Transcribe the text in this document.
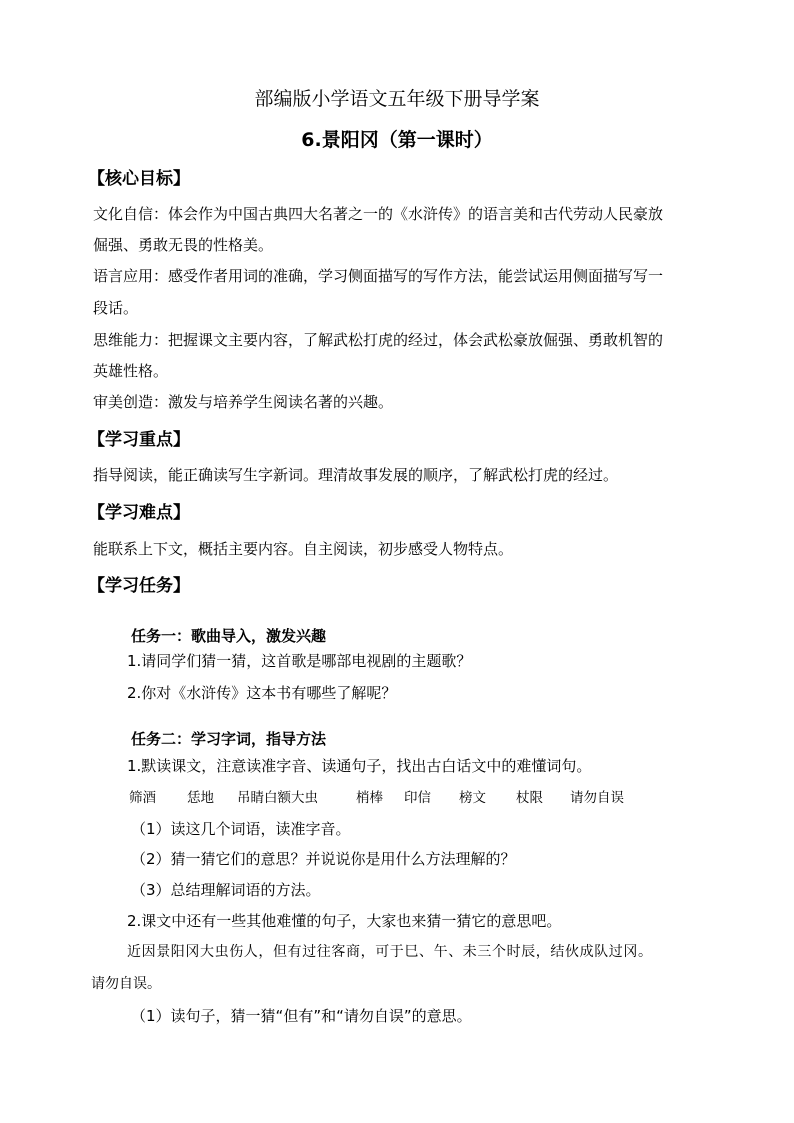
部编版小学语文五年级下册导学案
6.景阳冈（第一课时）
【核心目标】
文化自信：体会作为中国古典四大名著之一的《水浒传》的语言美和古代劳动人民豪放
倔强、勇敢无畏的性格美。
语言应用：感受作者用词的准确，学习侧面描写的写作方法，能尝试运用侧面描写写一
段话。
思维能力：把握课文主要内容，了解武松打虎的经过，体会武松豪放倔强、勇敢机智的
英雄性格。
审美创造：激发与培养学生阅读名著的兴趣。
【学习重点】
指导阅读，能正确读写生字新词。理清故事发展的顺序，了解武松打虎的经过。
【学习难点】
能联系上下文，概括主要内容。自主阅读，初步感受人物特点。
【学习任务】
任务一：歌曲导入，激发兴趣
1.请同学们猜一猜，这首歌是哪部电视剧的主题歌？
2.你对《水浒传》这本书有哪些了解呢？
任务二：学习字词，指导方法
1.默读课文，注意读准字音、读通句子，找出古白话文中的难懂词句。
筛酒 恁地 吊睛白额大虫	梢棒 印信 榜文 杖限 请勿自误
（1）读这几个词语，读准字音。
（2）猜一猜它们的意思？并说说你是用什么方法理解的？
（3）总结理解词语的方法。
2.课文中还有一些其他难懂的句子，大家也来猜一猜它的意思吧。
近因景阳冈大虫伤人，但有过往客商，可于巳、午、未三个时辰，结伙成队过冈。
请勿自误。
（1）读句子，猜一猜“但有”和“请勿自误”的意思。
